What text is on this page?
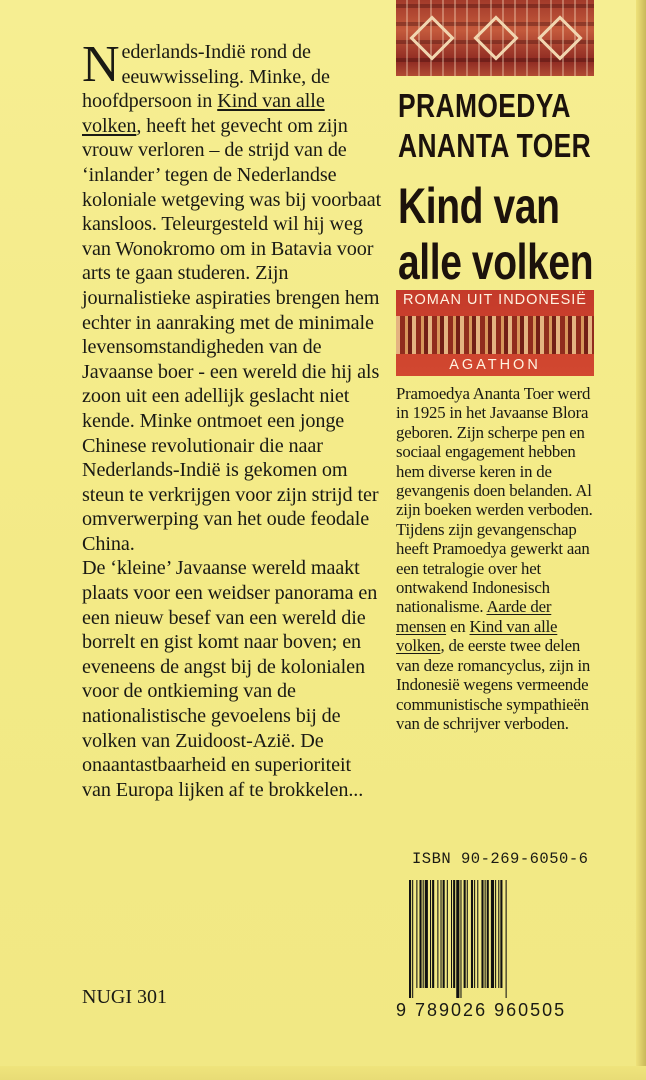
Nederlands-Indië rond de eeuwwisseling. Minke, de hoofdpersoon in Kind van alle volken, heeft het gevecht om zijn vrouw verloren – de strijd van de ‘inlander’ tegen de Nederlandse koloniale wetgeving was bij voorbaat kansloos. Teleurgesteld wil hij weg van Wonokromo om in Batavia voor arts te gaan studeren. Zijn journalistieke aspiraties brengen hem echter in aanraking met de minimale levensomstandigheden van de Javaanse boer - een wereld die hij als zoon uit een adellijk geslacht niet kende. Minke ontmoet een jonge Chinese revolutionair die naar Nederlands-Indië is gekomen om steun te verkrijgen voor zijn strijd ter omverwerping van het oude feodale China.

De ‘kleine’ Javaanse wereld maakt plaats voor een weidser panorama en een nieuw besef van een wereld die borrelt en gist komt naar boven; en eveneens de angst bij de kolonialen voor de ontkieming van de nationalistische gevoelens bij de volken van Zuidoost-Azië. De onaantastbaarheid en superioriteit van Europa lijken af te brokkelen...

NUGI 301
PRAMOEDYA
ANANTA TOER
Kind van
alle volken
ROMAN UIT INDONESIË
AGATHON

Pramoedya Ananta Toer werd in 1925 in het Javaanse Blora geboren. Zijn scherpe pen en sociaal engagement hebben hem diverse keren in de gevangenis doen belanden. Al zijn boeken werden verboden. Tijdens zijn gevangenschap heeft Pramoedya gewerkt aan een tetralogie over het ontwakend Indonesisch nationalisme. Aarde der mensen en Kind van alle volken, de eerste twee delen van deze romancyclus, zijn in Indonesië wegens vermeende communistische sympathieën van de schrijver verboden.

ISBN 90-269-6050-6
9 789026 960505
